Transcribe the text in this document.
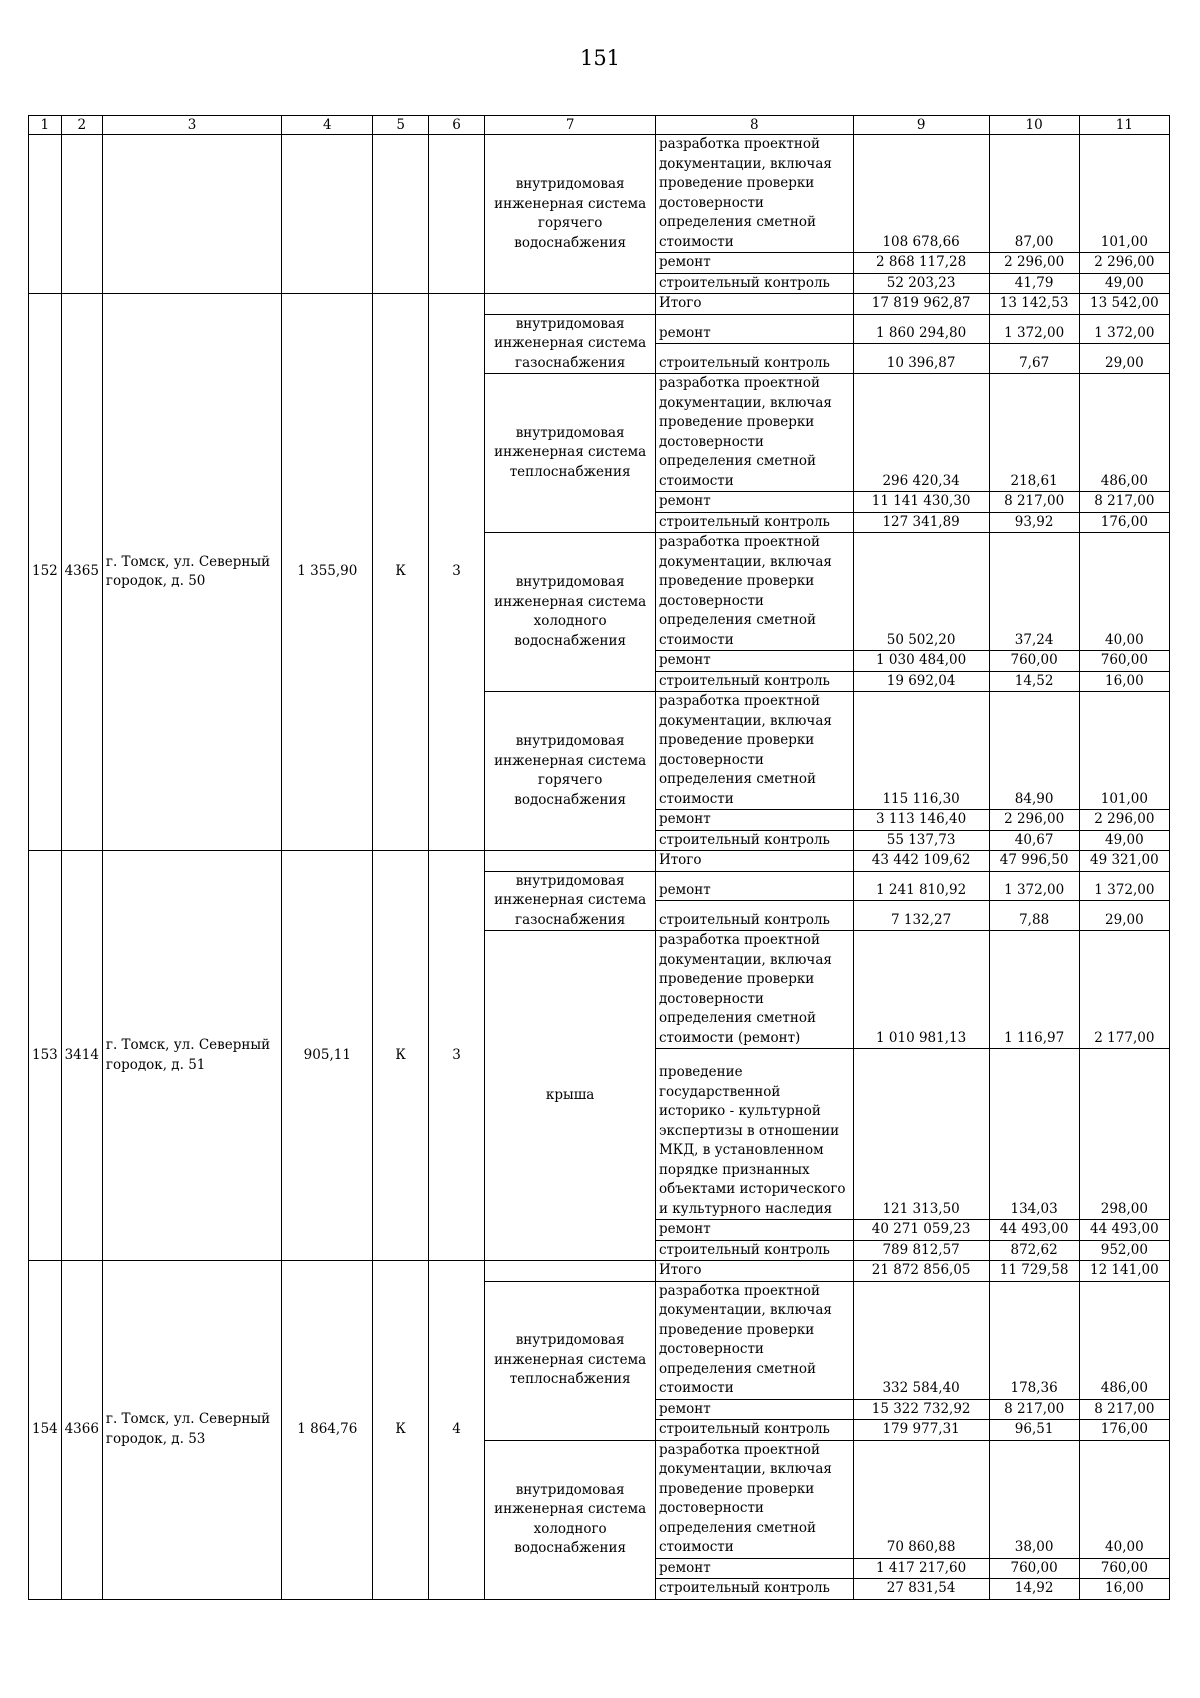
151
1	2	3	4	5	6	7	8	9	10	11
						внутридомовая инженерная система горячего водоснабжения	разработка проектной документации, включая проведение проверки достоверности определения сметной стоимости	108 678,66	87,00	101,00
							ремонт	2 868 117,28	2 296,00	2 296,00
							строительный контроль	52 203,23	41,79	49,00
152	4365	г. Томск, ул. Северный городок, д. 50	1 355,90	К	3		Итого	17 819 962,87	13 142,53	13 542,00
						внутридомовая инженерная система газоснабжения	ремонт	1 860 294,80	1 372,00	1 372,00
							строительный контроль	10 396,87	7,67	29,00
						внутридомовая инженерная система теплоснабжения	разработка проектной документации, включая проведение проверки достоверности определения сметной стоимости	296 420,34	218,61	486,00
							ремонт	11 141 430,30	8 217,00	8 217,00
							строительный контроль	127 341,89	93,92	176,00
						внутридомовая инженерная система холодного водоснабжения	разработка проектной документации, включая проведение проверки достоверности определения сметной стоимости	50 502,20	37,24	40,00
							ремонт	1 030 484,00	760,00	760,00
							строительный контроль	19 692,04	14,52	16,00
						внутридомовая инженерная система горячего водоснабжения	разработка проектной документации, включая проведение проверки достоверности определения сметной стоимости	115 116,30	84,90	101,00
							ремонт	3 113 146,40	2 296,00	2 296,00
							строительный контроль	55 137,73	40,67	49,00
153	3414	г. Томск, ул. Северный городок, д. 51	905,11	К	3		Итого	43 442 109,62	47 996,50	49 321,00
						внутридомовая инженерная система газоснабжения	ремонт	1 241 810,92	1 372,00	1 372,00
							строительный контроль	7 132,27	7,88	29,00
						крыша	разработка проектной документации, включая проведение проверки достоверности определения сметной стоимости (ремонт)	1 010 981,13	1 116,97	2 177,00
							проведение государственной историко - культурной экспертизы в отношении МКД, в установленном порядке признанных объектами исторического и культурного наследия	121 313,50	134,03	298,00
							ремонт	40 271 059,23	44 493,00	44 493,00
							строительный контроль	789 812,57	872,62	952,00
154	4366	г. Томск, ул. Северный городок, д. 53	1 864,76	К	4		Итого	21 872 856,05	11 729,58	12 141,00
						внутридомовая инженерная система теплоснабжения	разработка проектной документации, включая проведение проверки достоверности определения сметной стоимости	332 584,40	178,36	486,00
							ремонт	15 322 732,92	8 217,00	8 217,00
							строительный контроль	179 977,31	96,51	176,00
						внутридомовая инженерная система холодного водоснабжения	разработка проектной документации, включая проведение проверки достоверности определения сметной стоимости	70 860,88	38,00	40,00
							ремонт	1 417 217,60	760,00	760,00
							строительный контроль	27 831,54	14,92	16,00
